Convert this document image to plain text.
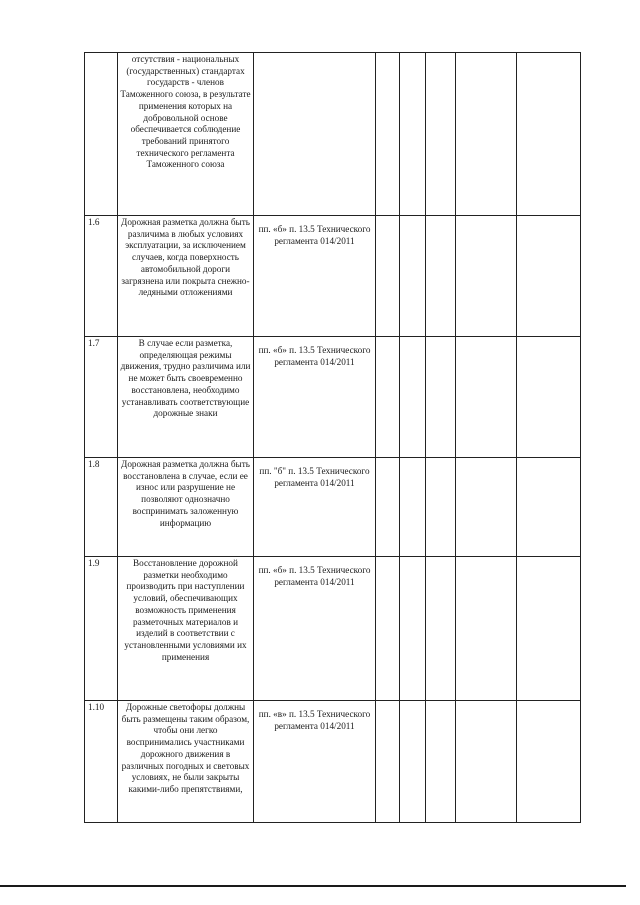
	отсутствия - национальных (государственных) стандартах государств - членов Таможенного союза, в результате применения которых на добровольной основе обеспечивается соблюдение требований принятого технического регламента Таможенного союза						
1.6	Дорожная разметка должна быть различима в любых условиях эксплуатации, за исключением случаев, когда поверхность автомобильной дороги загрязнена или покрыта снежно-ледяными отложениями	пп. «б» п. 13.5 Технического регламента 014/2011					
1.7	В случае если разметка, определяющая режимы движения, трудно различима или не может быть своевременно восстановлена, необходимо устанавливать соответствующие дорожные знаки	пп. «б» п. 13.5 Технического регламента 014/2011					
1.8	Дорожная разметка должна быть восстановлена в случае, если ее износ или разрушение не позволяют однозначно воспринимать заложенную информацию	пп. "б" п. 13.5 Технического регламента 014/2011					
1.9	Восстановление дорожной разметки необходимо производить при наступлении условий, обеспечивающих возможность применения разметочных материалов и изделий в соответствии с установленными условиями их применения	пп. «б» п. 13.5 Технического регламента 014/2011					
1.10	Дорожные светофоры должны быть размещены таким образом, чтобы они легко воспринимались участниками дорожного движения в различных погодных и световых условиях, не были закрыты какими-либо препятствиями,	пп. «в» п. 13.5 Технического регламента 014/2011					
